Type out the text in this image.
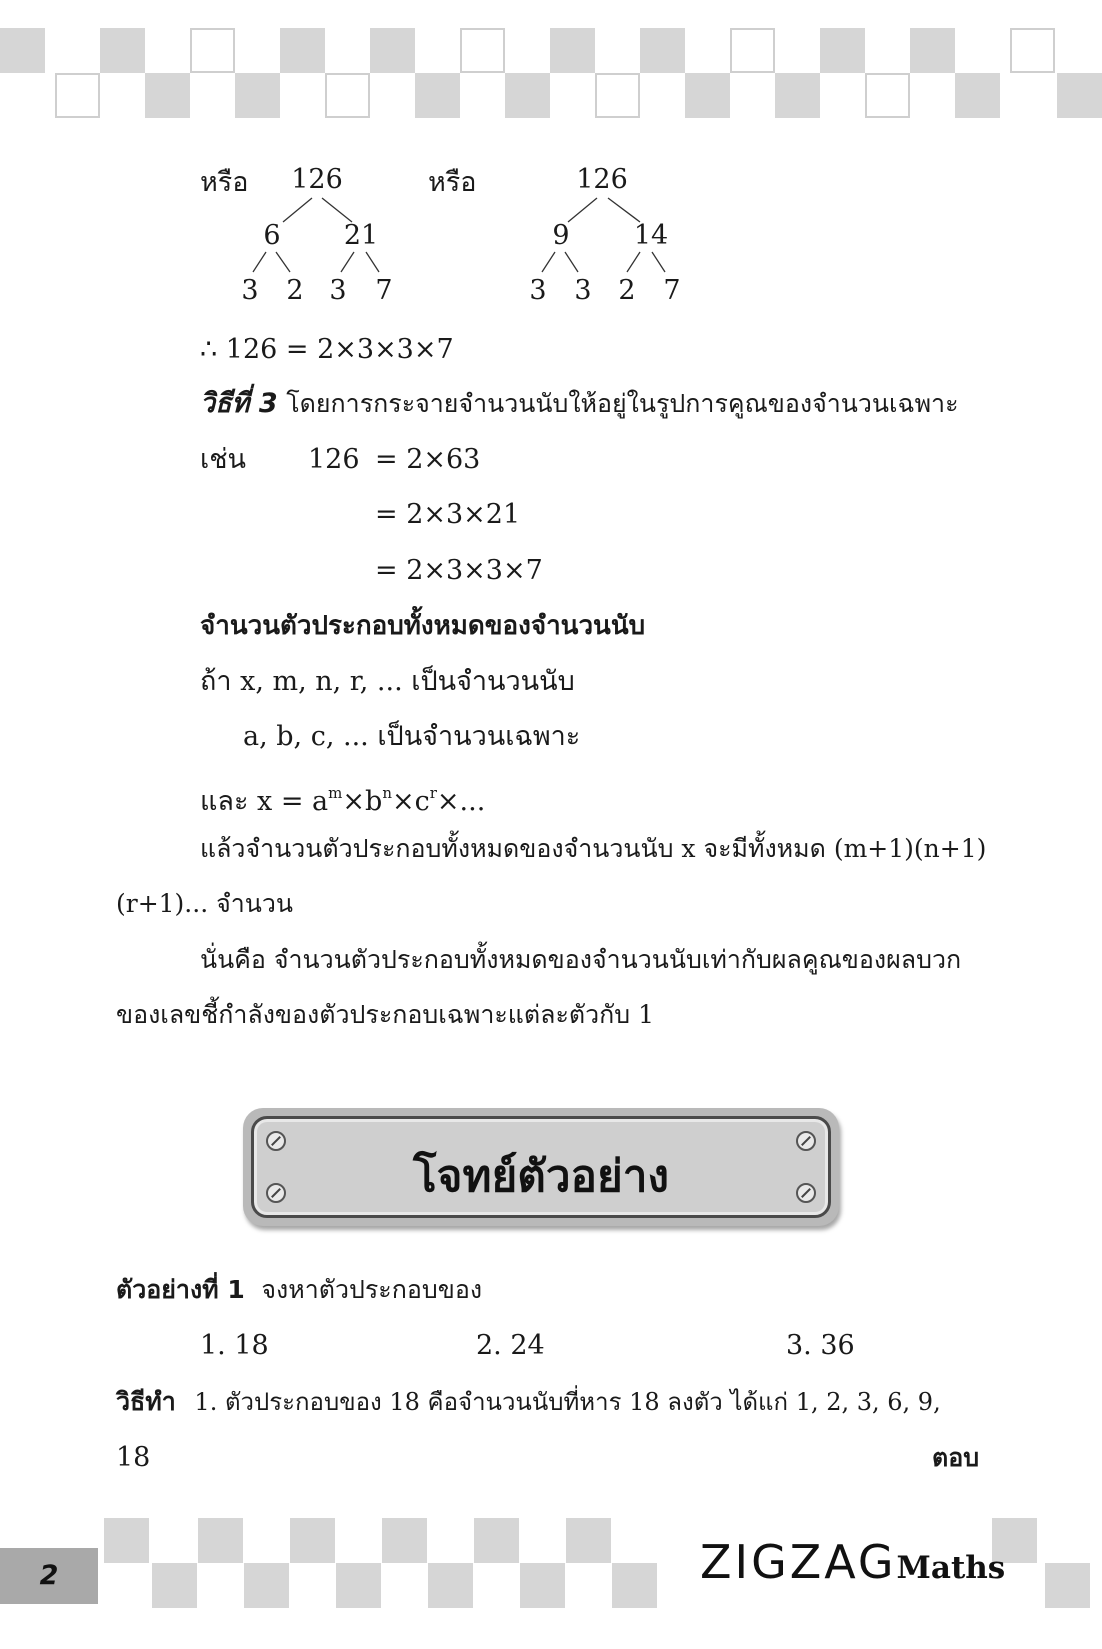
หรือ 126
6 21
3 2 3 7
หรือ	126
9 14
3 3 2 7
∴ 126 = 2×3×3×7
วิธีที่ 3 โดยการกระจายจำนวนนับให้อยู่ในรูปการคูณของจำนวนเฉพาะ
เช่น 126 = 2×63
= 2×3×21
= 2×3×3×7
จำนวนตัวประกอบทั้งหมดของจำนวนนับ
ถ้า x, m, n, r, ... เป็นจำนวนนับ
a, b, c, ... เป็นจำนวนเฉพาะ
และ $x = a^m\times b^n\times c^r\times$...
แล้วจำนวนตัวประกอบทั้งหมดของจำนวนนับ x จะมีทั้งหมด (m+1)(n+1)
(r+1)... จำนวน
นั่นคือ จำนวนตัวประกอบทั้งหมดของจำนวนนับเท่ากับผลคูณของผลบวก
ของเลขชี้กำลังของตัวประกอบเฉพาะแต่ละตัวกับ 1
โจทย์ตัวอย่าง
ตัวอย่างที่ 1 จงหาตัวประกอบของ
1. 18	2. 24	3. 36
วิธีทำ 1. ตัวประกอบของ 18 คือจำนวนนับที่หาร 18 ลงตัว ได้แก่ 1, 2, 3, 6, 9,
18	ตอบ
2	ZIGZAGMaths
